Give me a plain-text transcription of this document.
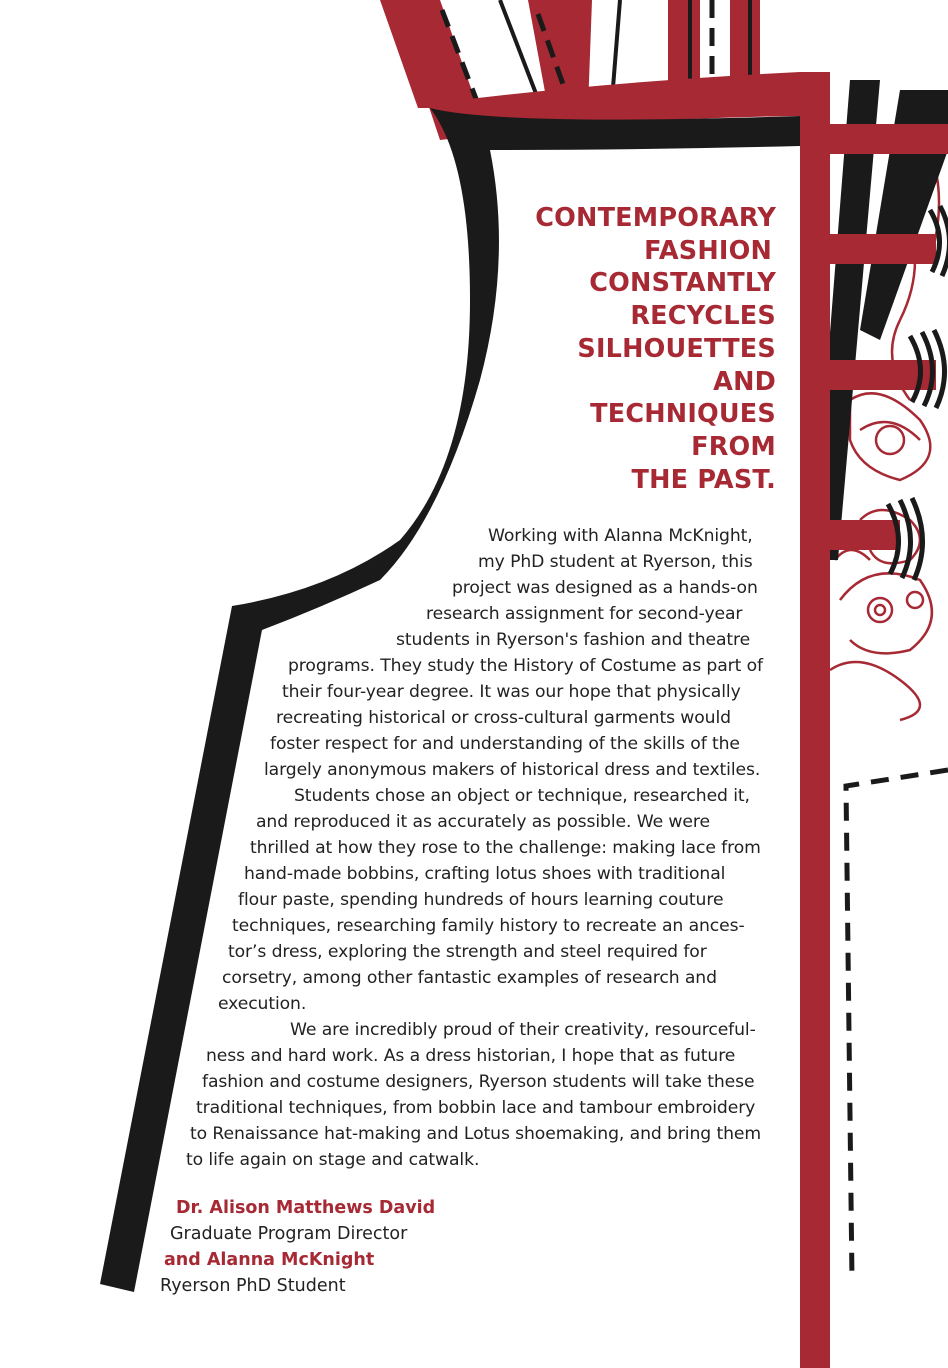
CONTEMPORARY
FASHION
CONSTANTLY
RECYCLES
SILHOUETTES
AND
TECHNIQUES
FROM
THE PAST.
Working with Alanna McKnight,
my PhD student at Ryerson, this
project was designed as a hands-on
research assignment for second-year
students in Ryerson's fashion and theatre
programs. They study the History of Costume as part of
their four-year degree. It was our hope that physically
recreating historical or cross-cultural garments would
foster respect for and understanding of the skills of the
largely anonymous makers of historical dress and textiles.
Students chose an object or technique, researched it,
and reproduced it as accurately as possible. We were
thrilled at how they rose to the challenge: making lace from
hand-made bobbins, crafting lotus shoes with traditional
flour paste, spending hundreds of hours learning couture
techniques, researching family history to recreate an ances-
tor’s dress, exploring the strength and steel required for
corsetry, among other fantastic examples of research and
execution.
We are incredibly proud of their creativity, resourceful-
ness and hard work. As a dress historian, I hope that as future
fashion and costume designers, Ryerson students will take these
traditional techniques, from bobbin lace and tambour embroidery
to Renaissance hat-making and Lotus shoemaking, and bring them
to life again on stage and catwalk.
Dr. Alison Matthews David
Graduate Program Director
and Alanna McKnight
Ryerson PhD Student
